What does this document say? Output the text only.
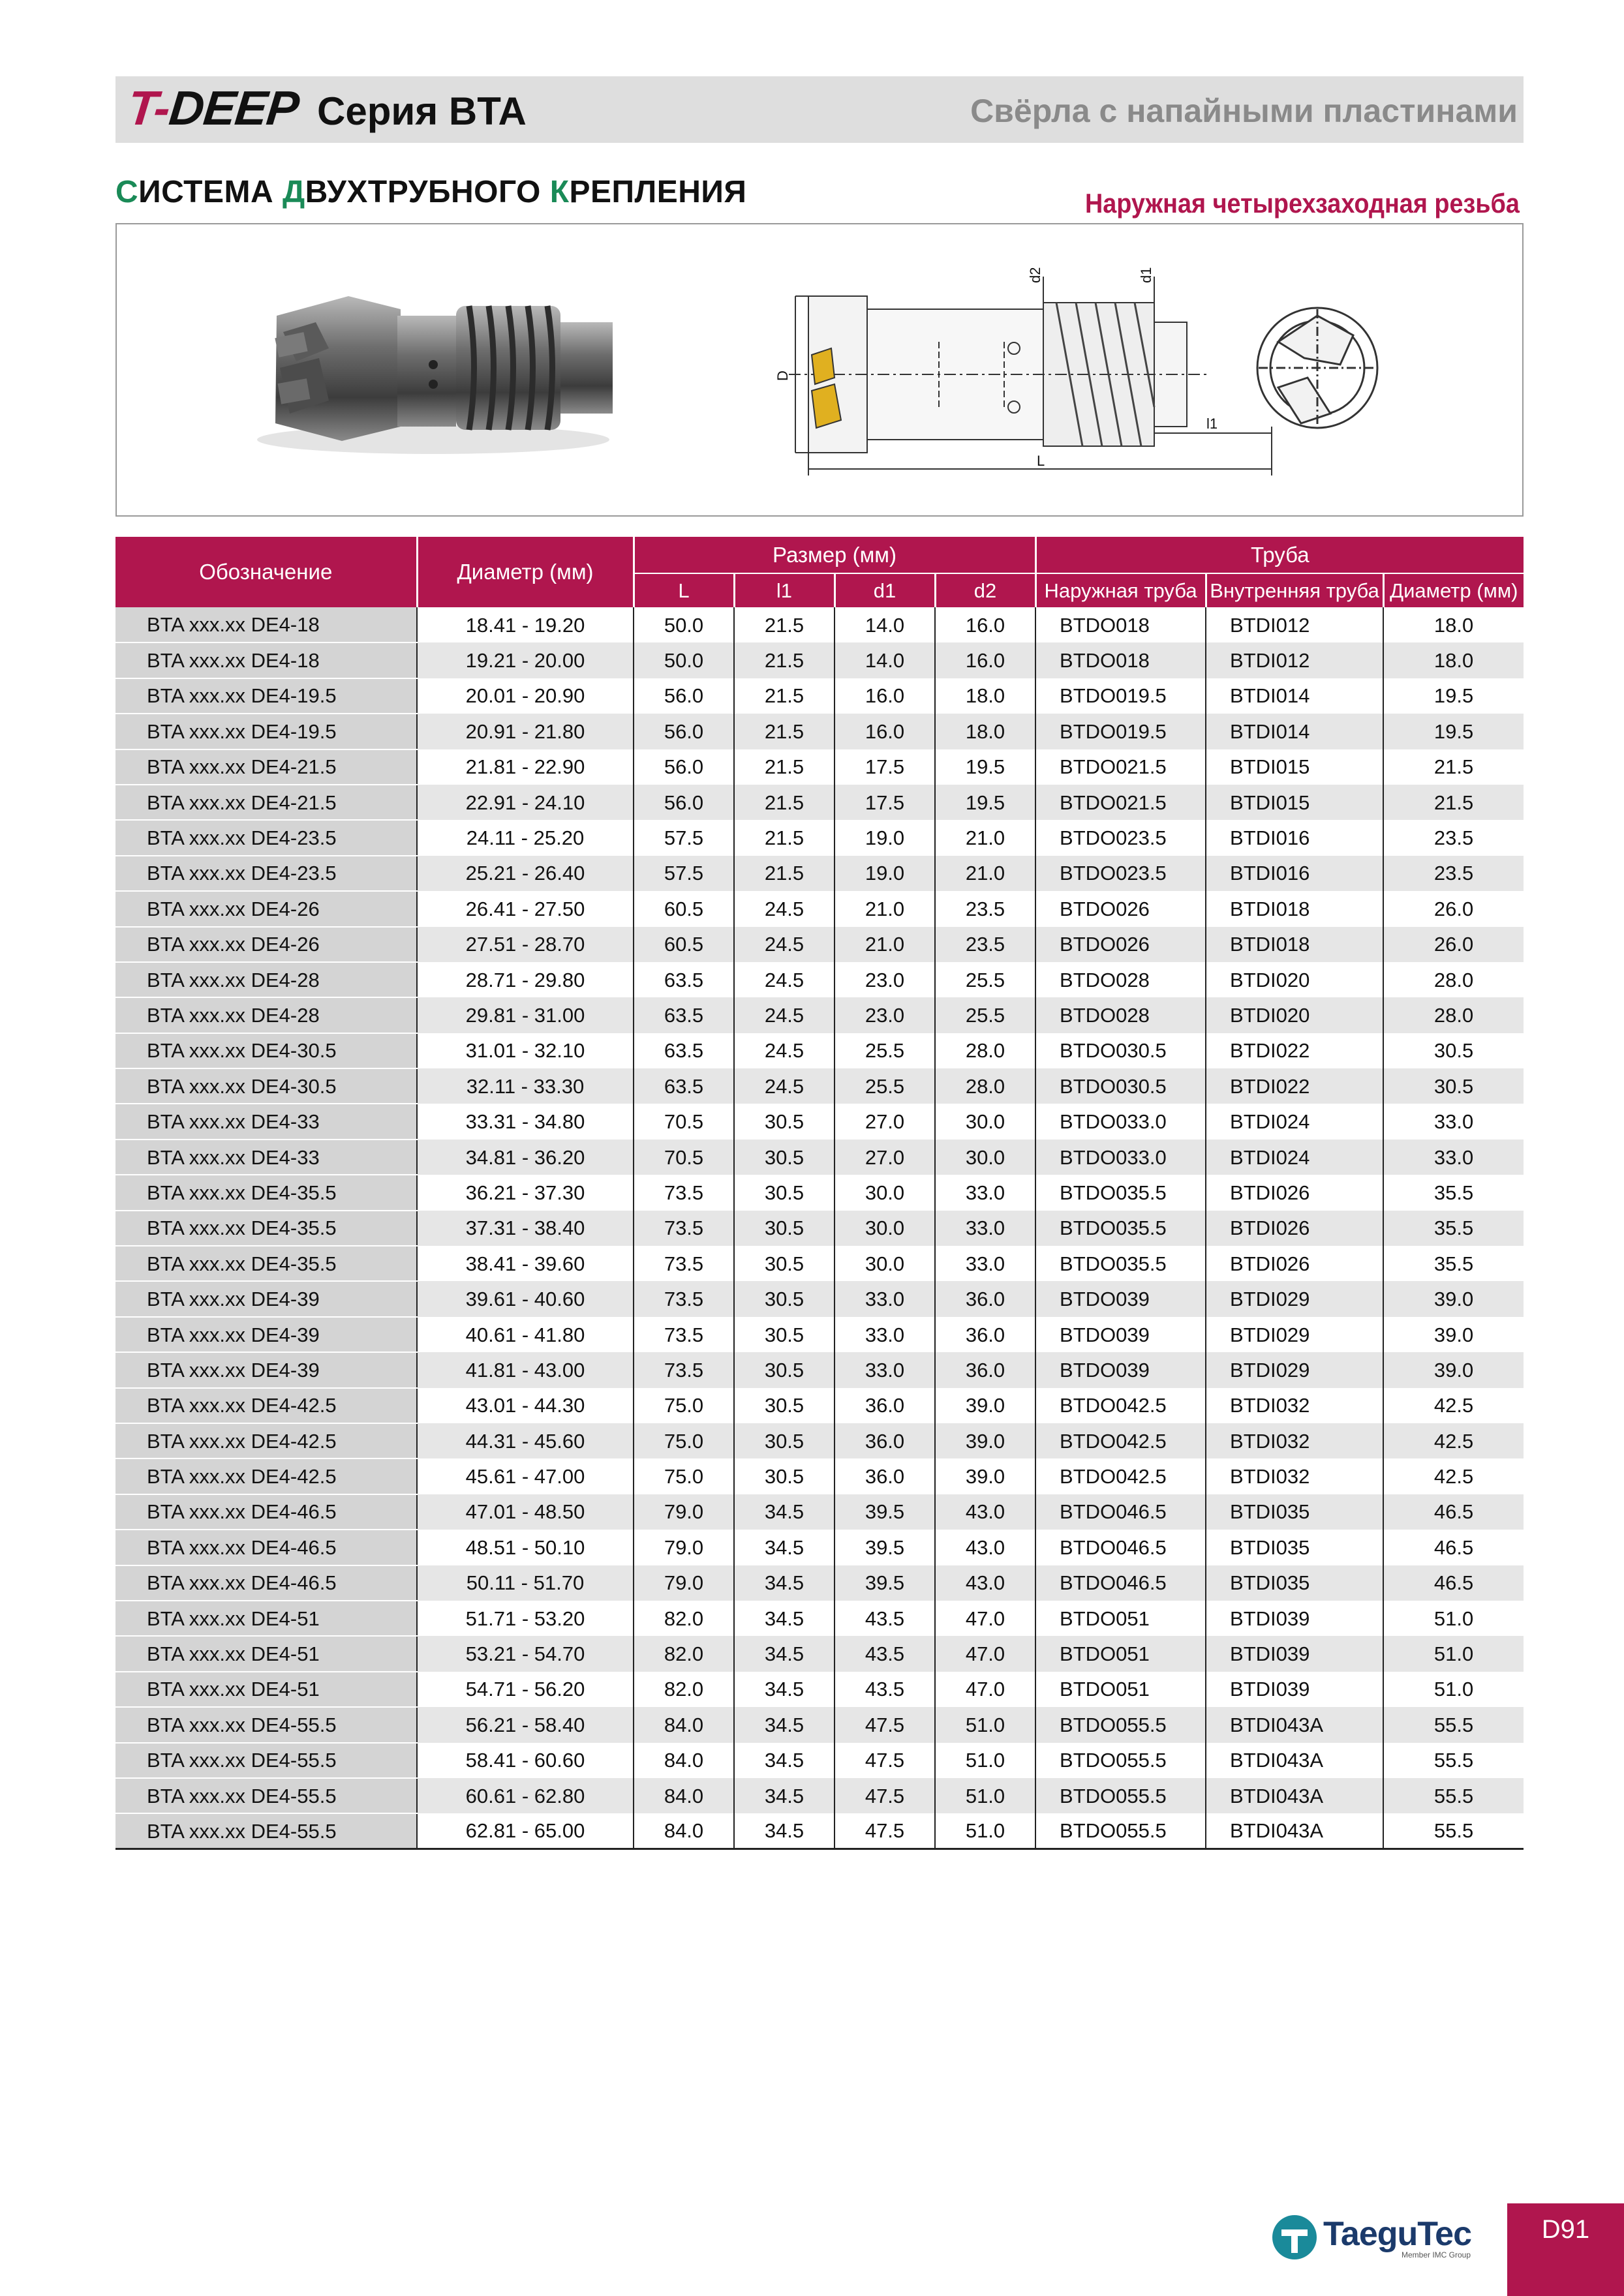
T-DEEP Серия BTA	Свёрла с напайными пластинами
СИСТЕМА ДВУХТРУБНОГО КРЕПЛЕНИЯ	Наружная четырехзаходная резьба
D
d2	d1
L
l1
Обозначение	Диаметр (мм)	Размер (мм)				Труба		
		L	l1	d1	d2	Наружная труба	Внутренняя труба	Диаметр (мм)
BTA xxx.xx DE4-18	18.41 - 19.20	50.0	21.5	14.0	16.0	BTDO018	BTDI012	18.0
BTA xxx.xx DE4-18	19.21 - 20.00	50.0	21.5	14.0	16.0	BTDO018	BTDI012	18.0
BTA xxx.xx DE4-19.5	20.01 - 20.90	56.0	21.5	16.0	18.0	BTDO019.5	BTDI014	19.5
BTA xxx.xx DE4-19.5	20.91 - 21.80	56.0	21.5	16.0	18.0	BTDO019.5	BTDI014	19.5
BTA xxx.xx DE4-21.5	21.81 - 22.90	56.0	21.5	17.5	19.5	BTDO021.5	BTDI015	21.5
BTA xxx.xx DE4-21.5	22.91 - 24.10	56.0	21.5	17.5	19.5	BTDO021.5	BTDI015	21.5
BTA xxx.xx DE4-23.5	24.11 - 25.20	57.5	21.5	19.0	21.0	BTDO023.5	BTDI016	23.5
BTA xxx.xx DE4-23.5	25.21 - 26.40	57.5	21.5	19.0	21.0	BTDO023.5	BTDI016	23.5
BTA xxx.xx DE4-26	26.41 - 27.50	60.5	24.5	21.0	23.5	BTDO026	BTDI018	26.0
BTA xxx.xx DE4-26	27.51 - 28.70	60.5	24.5	21.0	23.5	BTDO026	BTDI018	26.0
BTA xxx.xx DE4-28	28.71 - 29.80	63.5	24.5	23.0	25.5	BTDO028	BTDI020	28.0
BTA xxx.xx DE4-28	29.81 - 31.00	63.5	24.5	23.0	25.5	BTDO028	BTDI020	28.0
BTA xxx.xx DE4-30.5	31.01 - 32.10	63.5	24.5	25.5	28.0	BTDO030.5	BTDI022	30.5
BTA xxx.xx DE4-30.5	32.11 - 33.30	63.5	24.5	25.5	28.0	BTDO030.5	BTDI022	30.5
BTA xxx.xx DE4-33	33.31 - 34.80	70.5	30.5	27.0	30.0	BTDO033.0	BTDI024	33.0
BTA xxx.xx DE4-33	34.81 - 36.20	70.5	30.5	27.0	30.0	BTDO033.0	BTDI024	33.0
BTA xxx.xx DE4-35.5	36.21 - 37.30	73.5	30.5	30.0	33.0	BTDO035.5	BTDI026	35.5
BTA xxx.xx DE4-35.5	37.31 - 38.40	73.5	30.5	30.0	33.0	BTDO035.5	BTDI026	35.5
BTA xxx.xx DE4-35.5	38.41 - 39.60	73.5	30.5	30.0	33.0	BTDO035.5	BTDI026	35.5
BTA xxx.xx DE4-39	39.61 - 40.60	73.5	30.5	33.0	36.0	BTDO039	BTDI029	39.0
BTA xxx.xx DE4-39	40.61 - 41.80	73.5	30.5	33.0	36.0	BTDO039	BTDI029	39.0
BTA xxx.xx DE4-39	41.81 - 43.00	73.5	30.5	33.0	36.0	BTDO039	BTDI029	39.0
BTA xxx.xx DE4-42.5	43.01 - 44.30	75.0	30.5	36.0	39.0	BTDO042.5	BTDI032	42.5
BTA xxx.xx DE4-42.5	44.31 - 45.60	75.0	30.5	36.0	39.0	BTDO042.5	BTDI032	42.5
BTA xxx.xx DE4-42.5	45.61 - 47.00	75.0	30.5	36.0	39.0	BTDO042.5	BTDI032	42.5
BTA xxx.xx DE4-46.5	47.01 - 48.50	79.0	34.5	39.5	43.0	BTDO046.5	BTDI035	46.5
BTA xxx.xx DE4-46.5	48.51 - 50.10	79.0	34.5	39.5	43.0	BTDO046.5	BTDI035	46.5
BTA xxx.xx DE4-46.5	50.11 - 51.70	79.0	34.5	39.5	43.0	BTDO046.5	BTDI035	46.5
BTA xxx.xx DE4-51	51.71 - 53.20	82.0	34.5	43.5	47.0	BTDO051	BTDI039	51.0
BTA xxx.xx DE4-51	53.21 - 54.70	82.0	34.5	43.5	47.0	BTDO051	BTDI039	51.0
BTA xxx.xx DE4-51	54.71 - 56.20	82.0	34.5	43.5	47.0	BTDO051	BTDI039	51.0
BTA xxx.xx DE4-55.5	56.21 - 58.40	84.0	34.5	47.5	51.0	BTDO055.5	BTDI043A	55.5
BTA xxx.xx DE4-55.5	58.41 - 60.60	84.0	34.5	47.5	51.0	BTDO055.5	BTDI043A	55.5
BTA xxx.xx DE4-55.5	60.61 - 62.80	84.0	34.5	47.5	51.0	BTDO055.5	BTDI043A	55.5
BTA xxx.xx DE4-55.5	62.81 - 65.00	84.0	34.5	47.5	51.0	BTDO055.5	BTDI043A	55.5
TaeguTec
Member IMC Group
D91
